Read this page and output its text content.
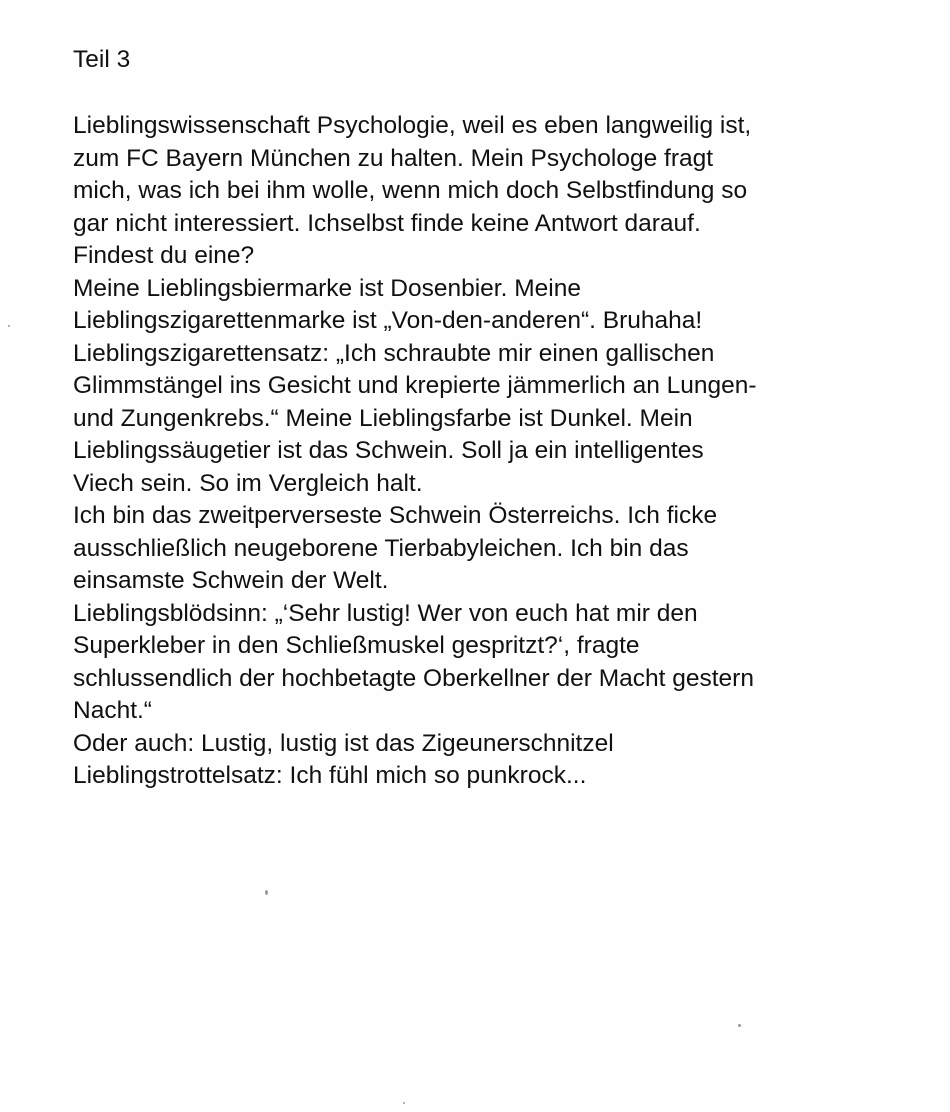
Teil 3
Lieblingswissenschaft Psychologie, weil es eben langweilig ist,
zum FC Bayern München zu halten. Mein Psychologe fragt
mich, was ich bei ihm wolle, wenn mich doch Selbstfindung so
gar nicht interessiert. Ichselbst finde keine Antwort darauf.
Findest du eine?
Meine Lieblingsbiermarke ist Dosenbier. Meine
Lieblingszigarettenmarke ist „Von-den-anderen“. Bruhaha!
Lieblingszigarettensatz: „Ich schraubte mir einen gallischen
Glimmstängel ins Gesicht und krepierte jämmerlich an Lungen-
und Zungenkrebs.“ Meine Lieblingsfarbe ist Dunkel. Mein
Lieblingssäugetier ist das Schwein. Soll ja ein intelligentes
Viech sein. So im Vergleich halt.
Ich bin das zweitperverseste Schwein Österreichs. Ich ficke
ausschließlich neugeborene Tierbabyleichen. Ich bin das
einsamste Schwein der Welt.
Lieblingsblödsinn: „‘Sehr lustig! Wer von euch hat mir den
Superkleber in den Schließmuskel gespritzt?‘, fragte
schlussendlich der hochbetagte Oberkellner der Macht gestern
Nacht.“
Oder auch: Lustig, lustig ist das Zigeunerschnitzel
Lieblingstrottelsatz: Ich fühl mich so punkrock...
